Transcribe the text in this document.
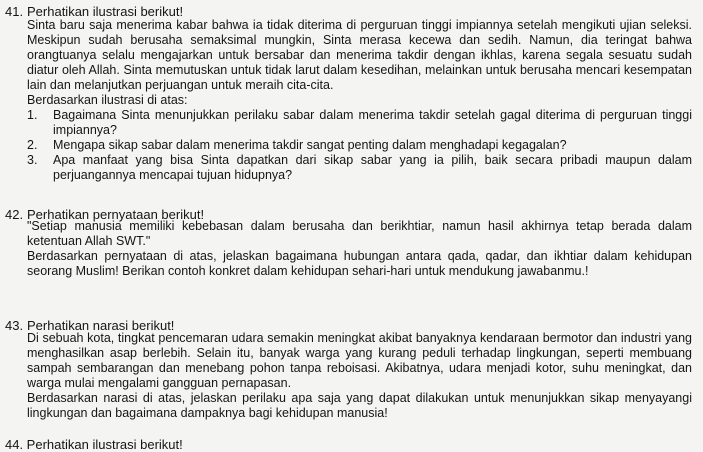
41. Perhatikan ilustrasi berikut!
Sinta baru saja menerima kabar bahwa ia tidak diterima di perguruan tinggi impiannya setelah mengikuti ujian seleksi. Meskipun sudah berusaha semaksimal mungkin, Sinta merasa kecewa dan sedih. Namun, dia teringat bahwa orangtuanya selalu mengajarkan untuk bersabar dan menerima takdir dengan ikhlas, karena segala sesuatu sudah diatur oleh Allah. Sinta memutuskan untuk tidak larut dalam kesedihan, melainkan untuk berusaha mencari kesempatan lain dan melanjutkan perjuangan untuk meraih cita-cita.
Berdasarkan ilustrasi di atas:
1. Bagaimana Sinta menunjukkan perilaku sabar dalam menerima takdir setelah gagal diterima di perguruan tinggi impiannya?
2. Mengapa sikap sabar dalam menerima takdir sangat penting dalam menghadapi kegagalan?
3. Apa manfaat yang bisa Sinta dapatkan dari sikap sabar yang ia pilih, baik secara pribadi maupun dalam perjuangannya mencapai tujuan hidupnya?
42. Perhatikan pernyataan berikut!
"Setiap manusia memiliki kebebasan dalam berusaha dan berikhtiar, namun hasil akhirnya tetap berada dalam ketentuan Allah SWT."
Berdasarkan pernyataan di atas, jelaskan bagaimana hubungan antara qada, qadar, dan ikhtiar dalam kehidupan seorang Muslim! Berikan contoh konkret dalam kehidupan sehari-hari untuk mendukung jawabanmu.!
43. Perhatikan narasi berikut!
Di sebuah kota, tingkat pencemaran udara semakin meningkat akibat banyaknya kendaraan bermotor dan industri yang menghasilkan asap berlebih. Selain itu, banyak warga yang kurang peduli terhadap lingkungan, seperti membuang sampah sembarangan dan menebang pohon tanpa reboisasi. Akibatnya, udara menjadi kotor, suhu meningkat, dan warga mulai mengalami gangguan pernapasan.
Berdasarkan narasi di atas, jelaskan perilaku apa saja yang dapat dilakukan untuk menunjukkan sikap menyayangi lingkungan dan bagaimana dampaknya bagi kehidupan manusia!
44. Perhatikan ilustrasi berikut!
